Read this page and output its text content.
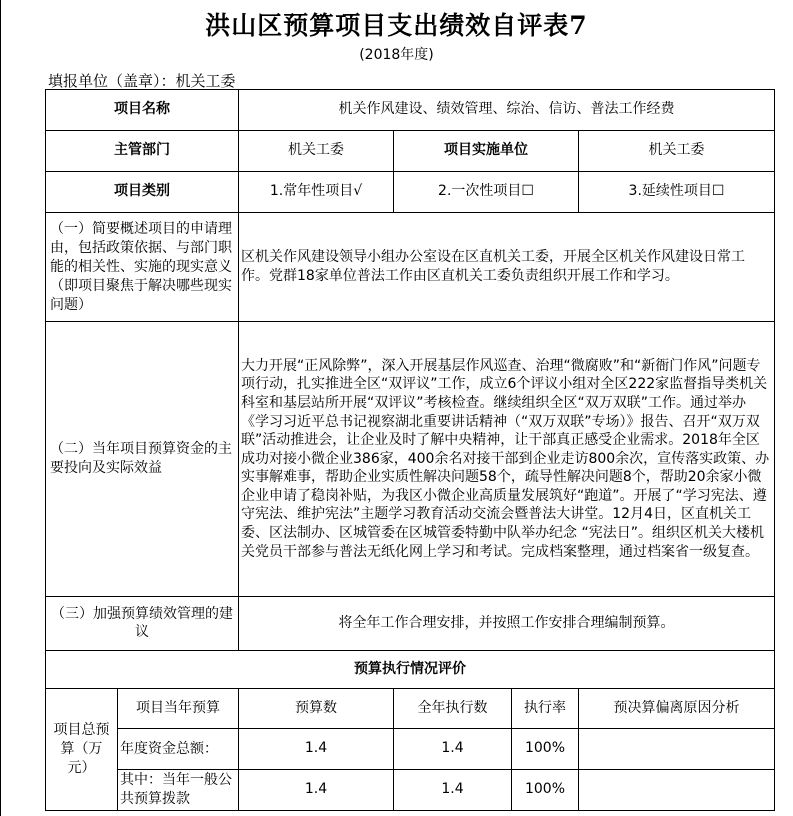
洪山区预算项目支出绩效自评表7
(2018年度)
填报单位（盖章）：机关工委
项目名称		机关作风建设、绩效管理、综治、信访、普法工作经费			
主管部门		机关工委	项目实施单位		机关工委
项目类别		1.常年性项目√	2.一次性项目☐		3.延续性项目☐
（一）简要概述项目的申请理由，包括政策依据、与部门职能的相关性、实施的现实意义（即项目聚焦于解决哪些现实问题）		区机关作风建设领导小组办公室设在区直机关工委，开展全区机关作风建设日常工作。党群18家单位普法工作由区直机关工委负责组织开展工作和学习。			
（二）当年项目预算资金的主要投向及实际效益		大力开展“正风除弊”，深入开展基层作风巡查、治理“微腐败”和“新衙门作风”问题专项行动，扎实推进全区“双评议”工作，成立6个评议小组对全区222家监督指导类机关科室和基层站所开展“双评议”考核检查。继续组织全区“双万双联”工作。通过举办《学习习近平总书记视察湖北重要讲话精神（“双万双联”专场）》报告、召开“双万双联”活动推进会，让企业及时了解中央精神，让干部真正感受企业需求。2018年全区成功对接小微企业386家，400余名对接干部到企业走访800余次，宣传落实政策、办实事解难事，帮助企业实质性解决问题58个，疏导性解决问题8个，帮助20余家小微企业申请了稳岗补贴，为我区小微企业高质量发展筑好“跑道”。开展了“学习宪法、遵守宪法、维护宪法”主题学习教育活动交流会暨普法大讲堂。12月4日，区直机关工委、区法制办、区城管委在区城管委特勤中队举办纪念 “宪法日”。组织区机关大楼机关党员干部参与普法无纸化网上学习和考试。完成档案整理，通过档案省一级复查。			
（三）加强预算绩效管理的建议		将全年工作合理安排，并按照工作安排合理编制预算。			
预算执行情况评价					
项目总预算（万元）	项目当年预算	预算数	全年执行数	执行率	预决算偏离原因分析
	年度资金总额：	1.4	1.4	100%	
	其中：当年一般公共预算拨款	1.4	1.4	100%	
